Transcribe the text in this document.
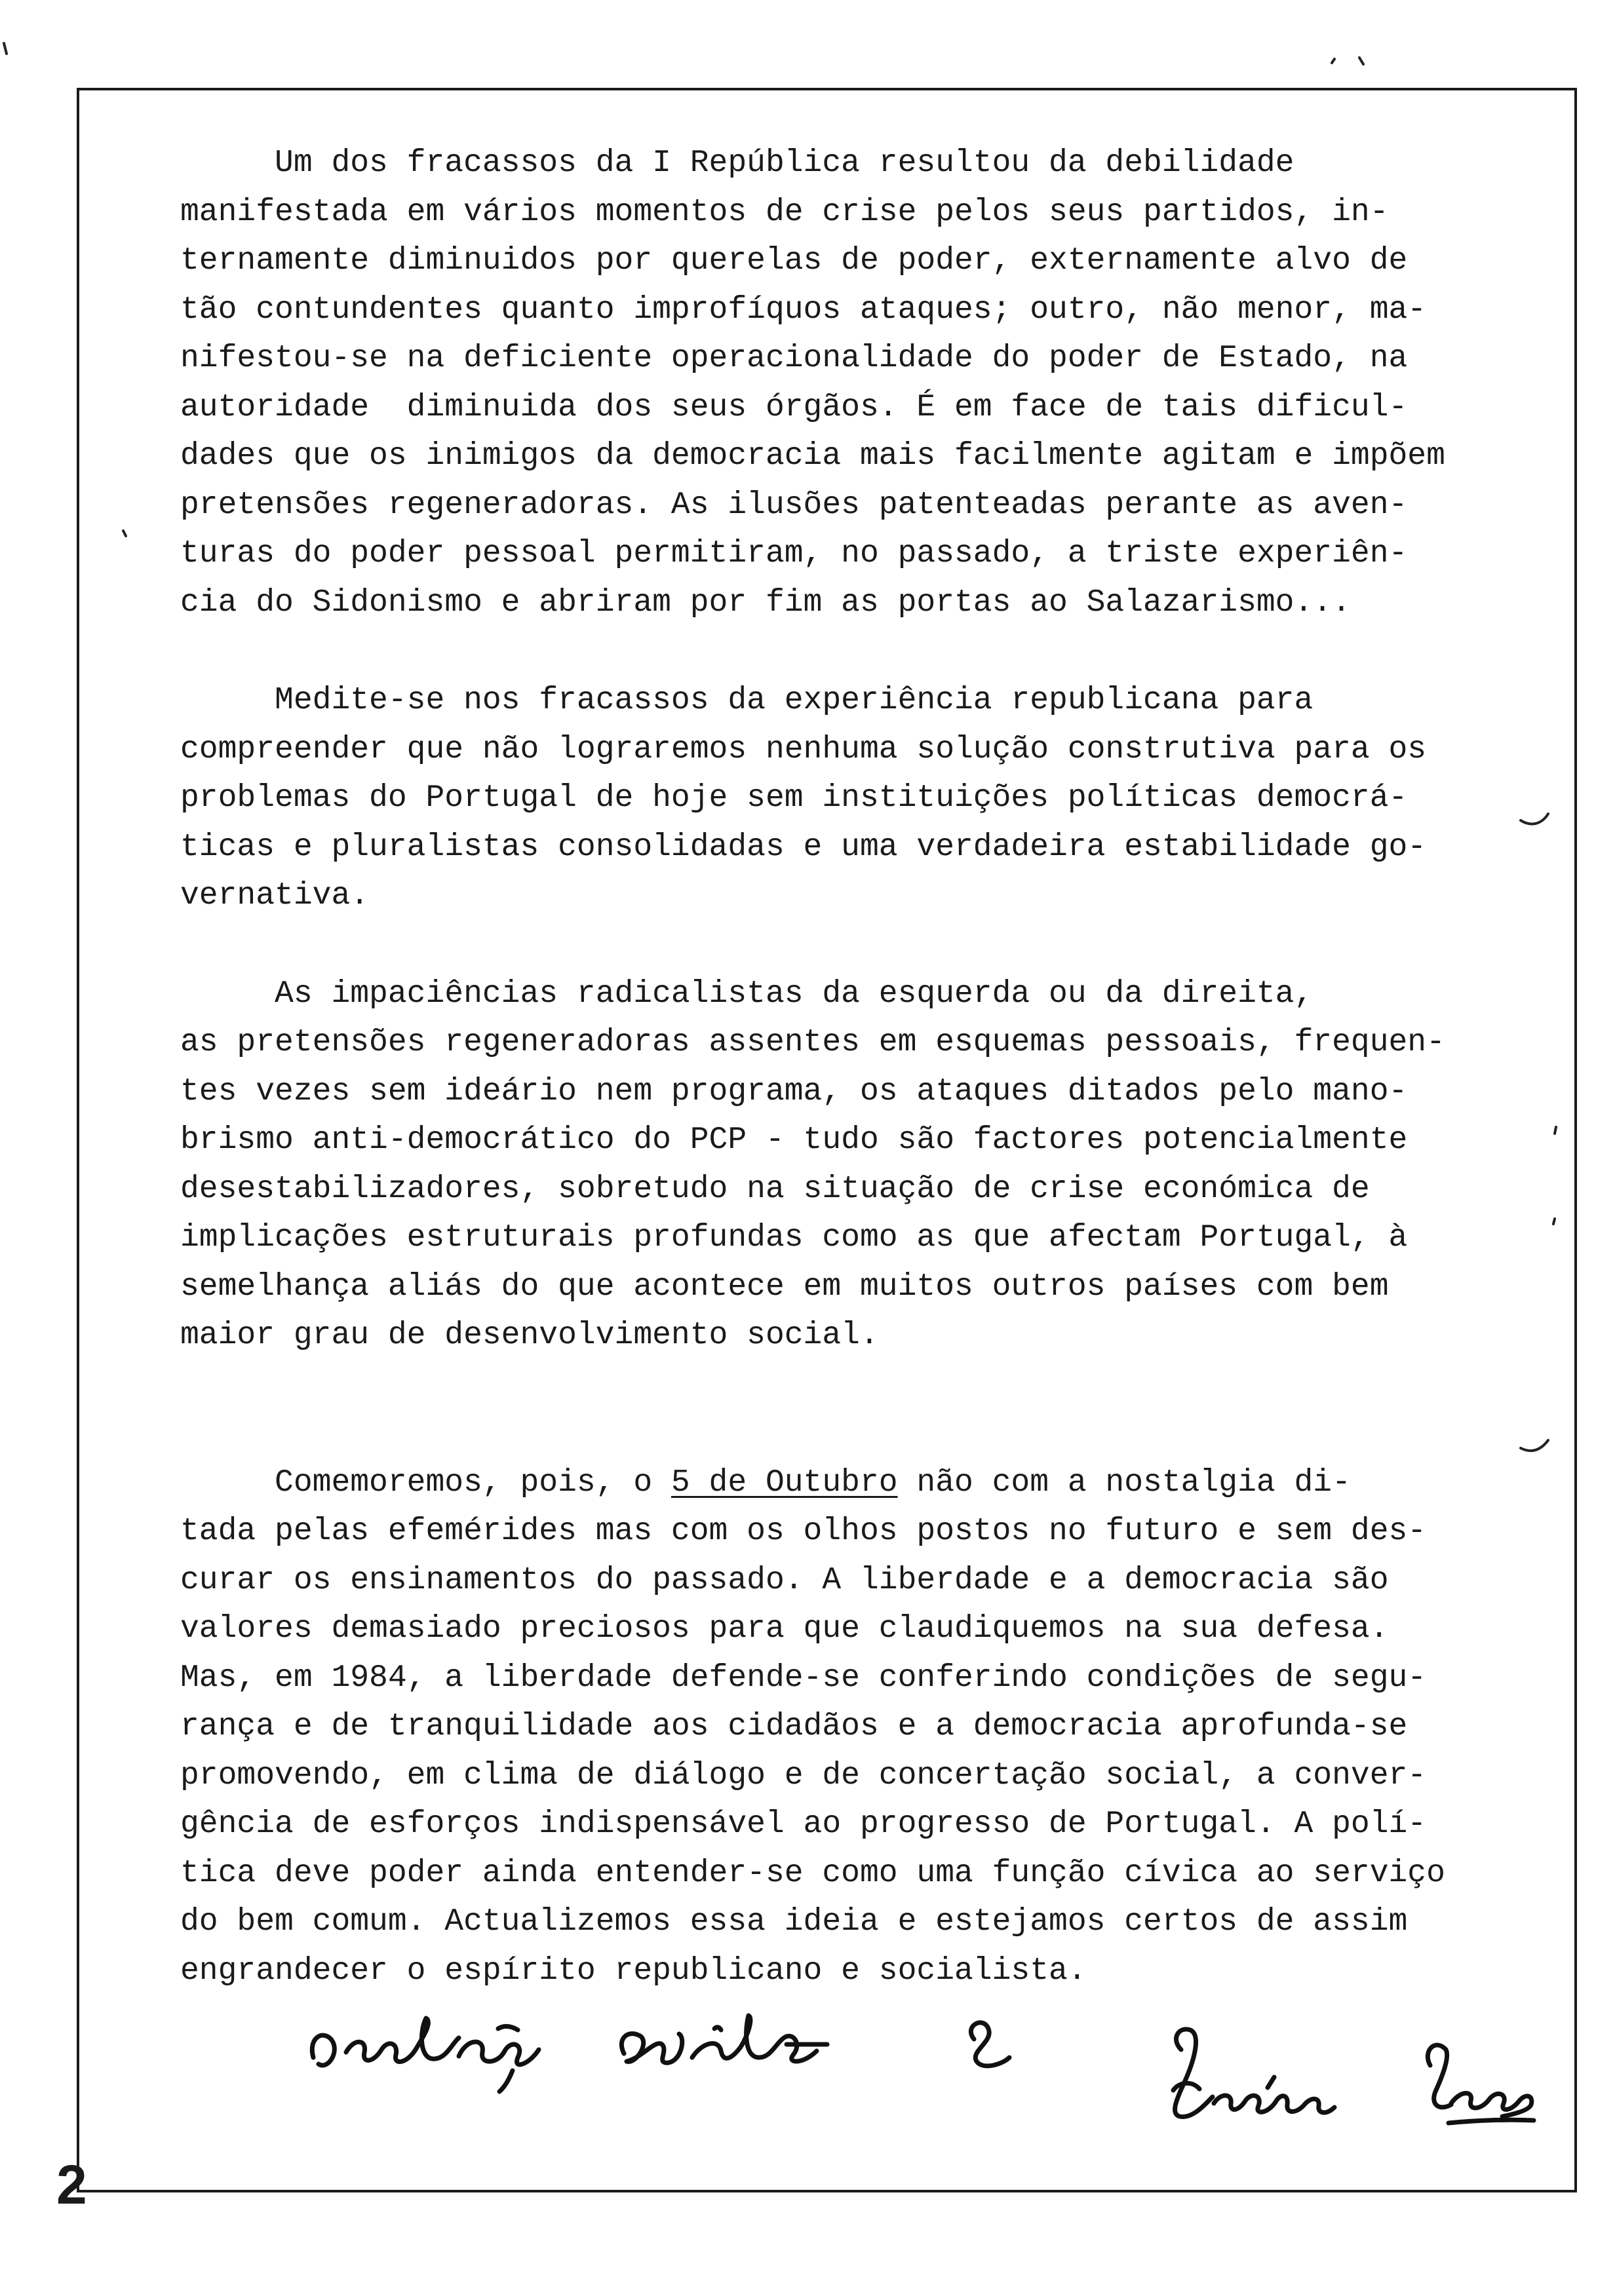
Um dos fracassos da I República resultou da debilidade
manifestada em vários momentos de crise pelos seus partidos, in-
ternamente diminuidos por querelas de poder, externamente alvo de
tão contundentes quanto improfíquos ataques; outro, não menor, ma-
nifestou-se na deficiente operacionalidade do poder de Estado, na
autoridade  diminuida dos seus órgãos. É em face de tais dificul-
dades que os inimigos da democracia mais facilmente agitam e impõem
pretensões regeneradoras. As ilusões patenteadas perante as aven-
turas do poder pessoal permitiram, no passado, a triste experiên-
cia do Sidonismo e abriram por fim as portas ao Salazarismo...
Medite-se nos fracassos da experiência republicana para
compreender que não lograremos nenhuma solução construtiva para os
problemas do Portugal de hoje sem instituições políticas democrá-
ticas e pluralistas consolidadas e uma verdadeira estabilidade go-
vernativa.
As impaciências radicalistas da esquerda ou da direita,
as pretensões regeneradoras assentes em esquemas pessoais, frequen-
tes vezes sem ideário nem programa, os ataques ditados pelo mano-
brismo anti-democrático do PCP - tudo são factores potencialmente
desestabilizadores, sobretudo na situação de crise económica de
implicações estruturais profundas como as que afectam Portugal, à
semelhança aliás do que acontece em muitos outros países com bem
maior grau de desenvolvimento social.
Comemoremos, pois, o 5 de Outubro não com a nostalgia di-
tada pelas efemérides mas com os olhos postos no futuro e sem des-
curar os ensinamentos do passado. A liberdade e a democracia são
valores demasiado preciosos para que claudiquemos na sua defesa.
Mas, em 1984, a liberdade defende-se conferindo condições de segu-
rança e de tranquilidade aos cidadãos e a democracia aprofunda-se
promovendo, em clima de diálogo e de concertação social, a conver-
gência de esforços indispensável ao progresso de Portugal. A polí-
tica deve poder ainda entender-se como uma função cívica ao serviço
do bem comum. Actualizemos essa ideia e estejamos certos de assim
engrandecer o espírito republicano e socialista.
2
